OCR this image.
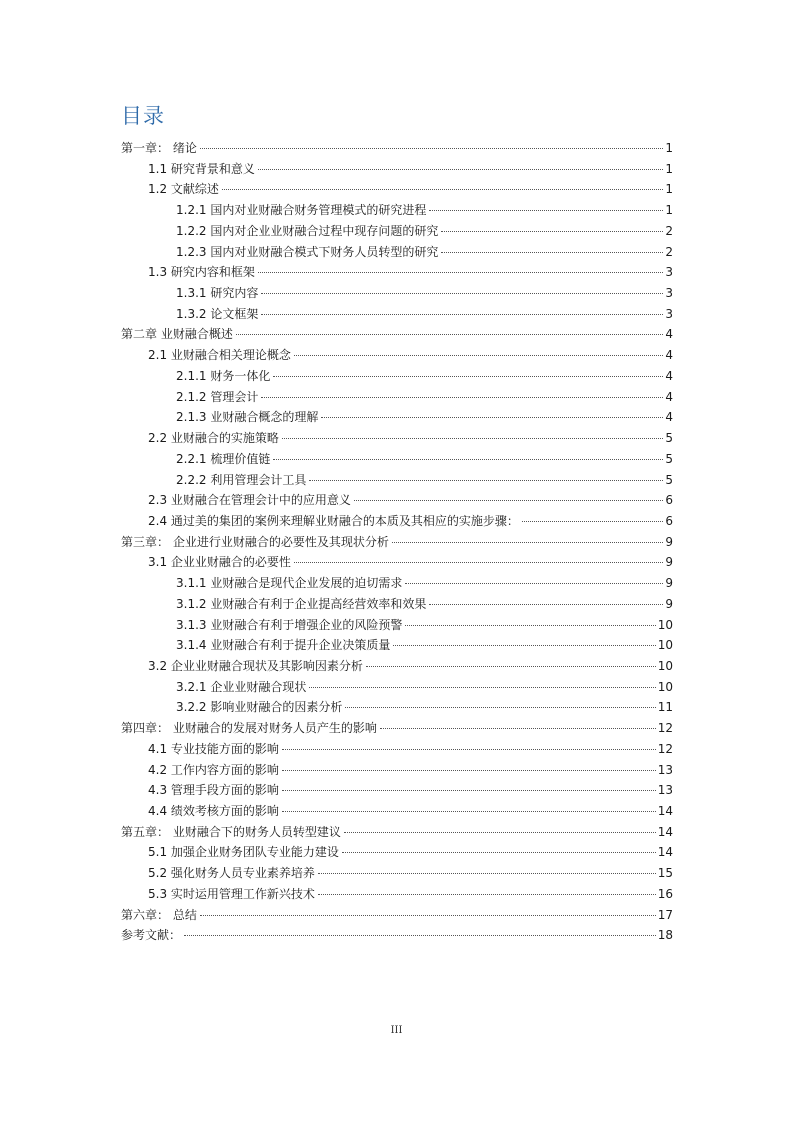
目录
第一章： 绪论	1
1.1 研究背景和意义	1
1.2 文献综述	1
1.2.1 国内对业财融合财务管理模式的研究进程	1
1.2.2 国内对企业业财融合过程中现存问题的研究	2
1.2.3 国内对业财融合模式下财务人员转型的研究	2
1.3 研究内容和框架	3
1.3.1 研究内容	3
1.3.2 论文框架	3
第二章 业财融合概述	4
2.1 业财融合相关理论概念	4
2.1.1 财务一体化	4
2.1.2 管理会计	4
2.1.3 业财融合概念的理解	4
2.2 业财融合的实施策略	5
2.2.1 梳理价值链	5
2.2.2 利用管理会计工具	5
2.3 业财融合在管理会计中的应用意义	6
2.4 通过美的集团的案例来理解业财融合的本质及其相应的实施步骤：	6
第三章： 企业进行业财融合的必要性及其现状分析	9
3.1 企业业财融合的必要性	9
3.1.1 业财融合是现代企业发展的迫切需求	9
3.1.2 业财融合有利于企业提高经营效率和效果	9
3.1.3 业财融合有利于增强企业的风险预警	10
3.1.4 业财融合有利于提升企业决策质量	10
3.2 企业业财融合现状及其影响因素分析	10
3.2.1 企业业财融合现状	10
3.2.2 影响业财融合的因素分析	11
第四章： 业财融合的发展对财务人员产生的影响	12
4.1 专业技能方面的影响	12
4.2 工作内容方面的影响	13
4.3 管理手段方面的影响	13
4.4 绩效考核方面的影响	14
第五章： 业财融合下的财务人员转型建议	14
5.1 加强企业财务团队专业能力建设	14
5.2 强化财务人员专业素养培养	15
5.3 实时运用管理工作新兴技术	16
第六章： 总结	17
参考文献：	18
III
